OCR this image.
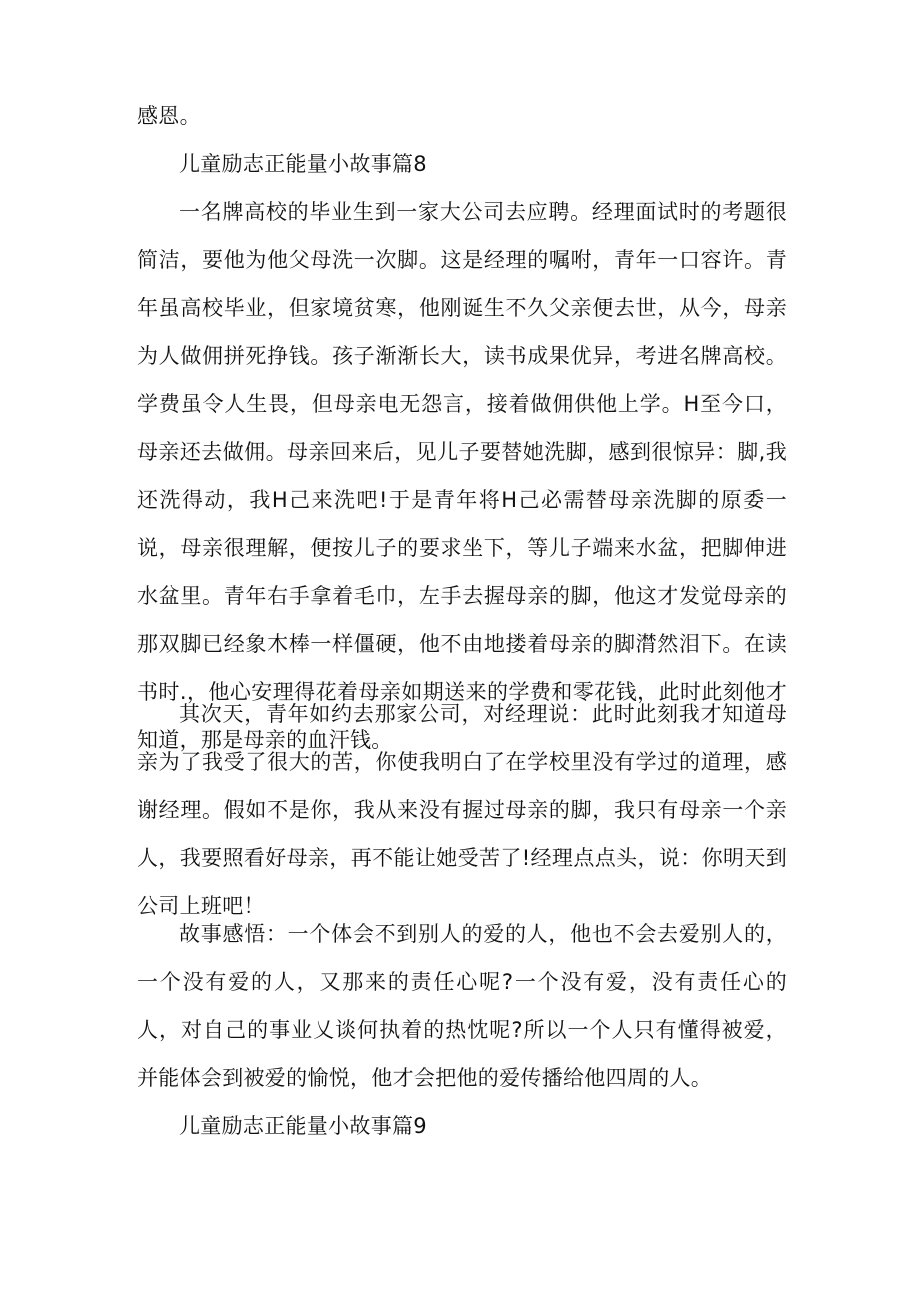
感恩。

儿童励志正能量小故事篇8

一名牌高校的毕业生到一家大公司去应聘。经理面试时的考题很简洁，要他为他父母洗一次脚。这是经理的嘱咐，青年一口容许。青年虽高校毕业，但家境贫寒，他刚诞生不久父亲便去世，从今，母亲为人做佣拼死挣钱。孩子渐渐长大，读书成果优异，考进名牌高校。学费虽令人生畏，但母亲电无怨言，接着做佣供他上学。H至今口，母亲还去做佣。母亲回来后，见儿子要替她洗脚，感到很惊异：脚,我还洗得动，我H己来洗吧!于是青年将H己必需替母亲洗脚的原委一说，母亲很理解，便按儿子的要求坐下，等儿子端来水盆，把脚伸进水盆里。青年右手拿着毛巾，左手去握母亲的脚，他这才发觉母亲的那双脚已经象木棒一样僵硬，他不由地搂着母亲的脚潸然泪下。在读书时.，他心安理得花着母亲如期送来的学费和零花钱，此时此刻他才知道，那是母亲的血汗钱。

其次天，青年如约去那家公司，对经理说：此时此刻我才知道母亲为了我受了很大的苦，你使我明白了在学校里没有学过的道理，感谢经理。假如不是你，我从来没有握过母亲的脚，我只有母亲一个亲人，我要照看好母亲，再不能让她受苦了!经理点点头，说：你明天到公司上班吧！

故事感悟：一个体会不到别人的爱的人，他也不会去爱别人的，一个没有爱的人，又那来的责任心呢?一个没有爱，没有责任心的人，对自己的事业乂谈何执着的热忱呢?所以一个人只有懂得被爱，并能体会到被爱的愉悦，他才会把他的爱传播给他四周的人。

儿童励志正能量小故事篇9
